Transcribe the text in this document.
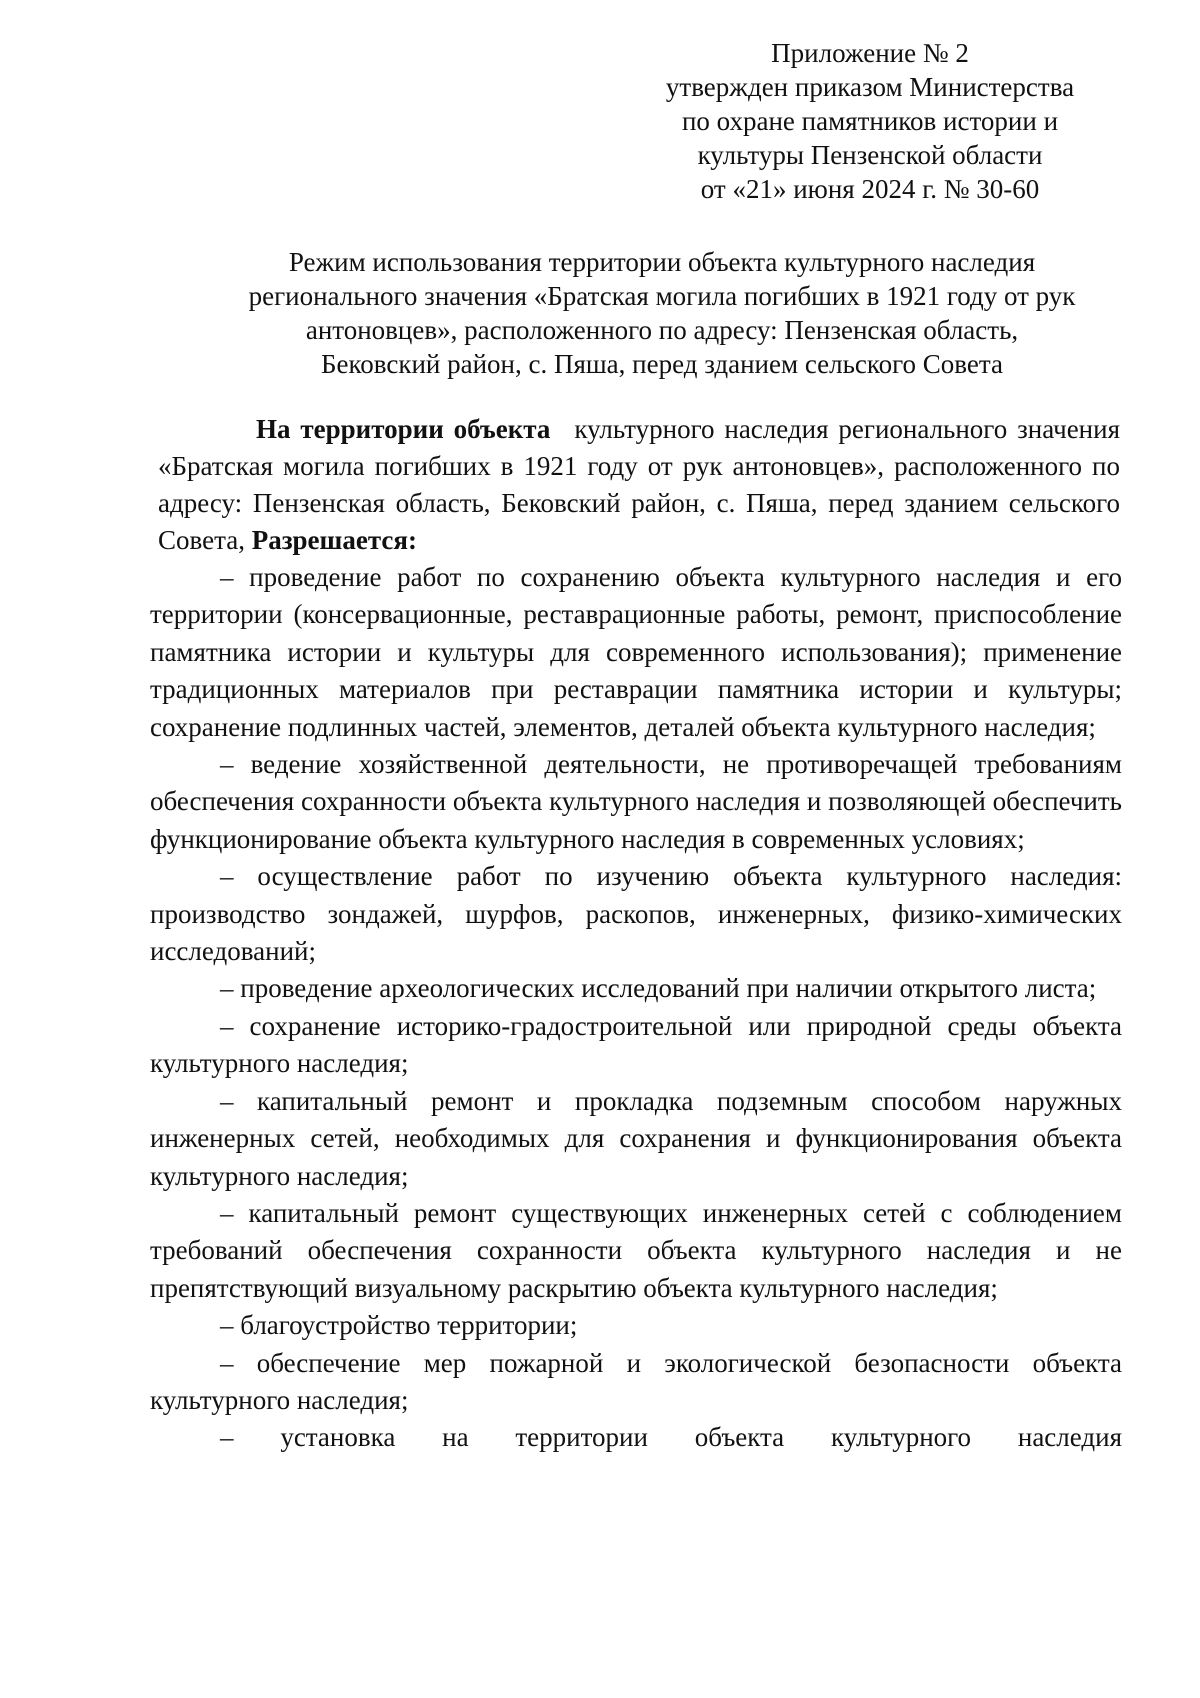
Приложение № 2
утвержден приказом Министерства
по охране памятников истории и
культуры Пензенской области
от «21» июня 2024 г. № 30-60
Режим использования территории объекта культурного наследия
регионального значения «Братская могила погибших в 1921 году от рук
антоновцев», расположенного по адресу: Пензенская область,
Бековский район, с. Пяша, перед зданием сельского Совета

На территории объекта культурного наследия регионального значения «Братская могила погибших в 1921 году от рук антоновцев», расположенного по адресу: Пензенская область, Бековский район, с. Пяша, перед зданием сельского Совета, Разрешается:

– проведение работ по сохранению объекта культурного наследия и его территории (консервационные, реставрационные работы, ремонт, приспособление памятника истории и культуры для современного использования); применение традиционных материалов при реставрации памятника истории и культуры; сохранение подлинных частей, элементов, деталей объекта культурного наследия;

– ведение хозяйственной деятельности, не противоречащей требованиям обеспечения сохранности объекта культурного наследия и позволяющей обеспечить функционирование объекта культурного наследия в современных условиях;

– осуществление работ по изучению объекта культурного наследия: производство зондажей, шурфов, раскопов, инженерных, физико-химических исследований;

– проведение археологических исследований при наличии открытого листа;

– сохранение историко-градостроительной или природной среды объекта культурного наследия;

– капитальный ремонт и прокладка подземным способом наружных инженерных сетей, необходимых для сохранения и функционирования объекта культурного наследия;

– капитальный ремонт существующих инженерных сетей с соблюдением требований обеспечения сохранности объекта культурного наследия и не препятствующий визуальному раскрытию объекта культурного наследия;

– благоустройство территории;

– обеспечение мер пожарной и экологической безопасности объекта культурного наследия;

– установка на территории объекта культурного наследия
